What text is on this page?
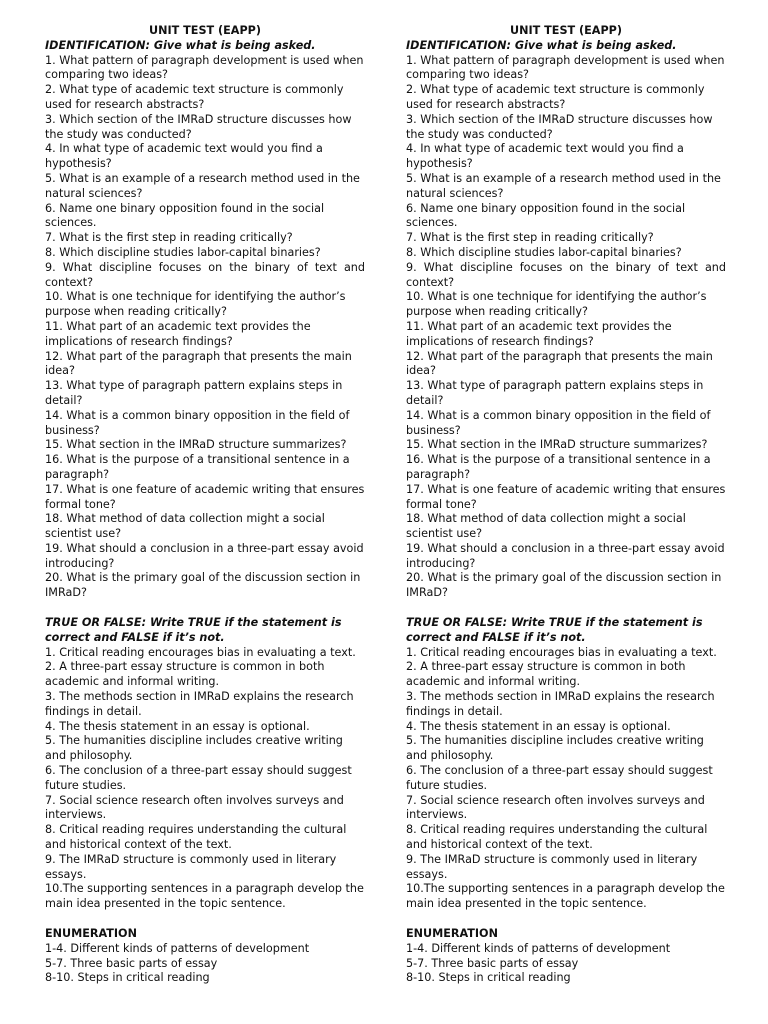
UNIT TEST (EAPP)

IDENTIFICATION: Give what is being asked.

1. What pattern of paragraph development is used when comparing two ideas?

2. What type of academic text structure is commonly used for research abstracts?

3. Which section of the IMRaD structure discusses how the study was conducted?

4. In what type of academic text would you find a hypothesis?

5. What is an example of a research method used in the natural sciences?

6. Name one binary opposition found in the social sciences.

7. What is the first step in reading critically?

8. Which discipline studies labor-capital binaries?

9. What discipline focuses on the binary of text and context?

10. What is one technique for identifying the author’s purpose when reading critically?

11. What part of an academic text provides the implications of research findings?

12. What part of the paragraph that presents the main idea?

13. What type of paragraph pattern explains steps in detail?

14. What is a common binary opposition in the field of business?

15. What section in the IMRaD structure summarizes?

16. What is the purpose of a transitional sentence in a paragraph?

17. What is one feature of academic writing that ensures formal tone?

18. What method of data collection might a social scientist use?

19. What should a conclusion in a three-part essay avoid introducing?

20. What is the primary goal of the discussion section in IMRaD?

TRUE OR FALSE: Write TRUE if the statement is correct and FALSE if it’s not.

1. Critical reading encourages bias in evaluating a text.

2. A three-part essay structure is common in both academic and informal writing.

3. The methods section in IMRaD explains the research findings in detail.

4. The thesis statement in an essay is optional.

5. The humanities discipline includes creative writing and philosophy.

6. The conclusion of a three-part essay should suggest future studies.

7. Social science research often involves surveys and interviews.

8. Critical reading requires understanding the cultural and historical context of the text.

9. The IMRaD structure is commonly used in literary essays.

10.The supporting sentences in a paragraph develop the main idea presented in the topic sentence.

ENUMERATION

1-4. Different kinds of patterns of development

5-7. Three basic parts of essay

8-10. Steps in critical reading

UNIT TEST (EAPP)

IDENTIFICATION: Give what is being asked.

1. What pattern of paragraph development is used when comparing two ideas?

2. What type of academic text structure is commonly used for research abstracts?

3. Which section of the IMRaD structure discusses how the study was conducted?

4. In what type of academic text would you find a hypothesis?

5. What is an example of a research method used in the natural sciences?

6. Name one binary opposition found in the social sciences.

7. What is the first step in reading critically?

8. Which discipline studies labor-capital binaries?

9. What discipline focuses on the binary of text and context?

10. What is one technique for identifying the author’s purpose when reading critically?

11. What part of an academic text provides the implications of research findings?

12. What part of the paragraph that presents the main idea?

13. What type of paragraph pattern explains steps in detail?

14. What is a common binary opposition in the field of business?

15. What section in the IMRaD structure summarizes?

16. What is the purpose of a transitional sentence in a paragraph?

17. What is one feature of academic writing that ensures formal tone?

18. What method of data collection might a social scientist use?

19. What should a conclusion in a three-part essay avoid introducing?

20. What is the primary goal of the discussion section in IMRaD?

TRUE OR FALSE: Write TRUE if the statement is correct and FALSE if it’s not.

1. Critical reading encourages bias in evaluating a text.

2. A three-part essay structure is common in both academic and informal writing.

3. The methods section in IMRaD explains the research findings in detail.

4. The thesis statement in an essay is optional.

5. The humanities discipline includes creative writing and philosophy.

6. The conclusion of a three-part essay should suggest future studies.

7. Social science research often involves surveys and interviews.

8. Critical reading requires understanding the cultural and historical context of the text.

9. The IMRaD structure is commonly used in literary essays.

10.The supporting sentences in a paragraph develop the main idea presented in the topic sentence.

ENUMERATION

1-4. Different kinds of patterns of development

5-7. Three basic parts of essay

8-10. Steps in critical reading
